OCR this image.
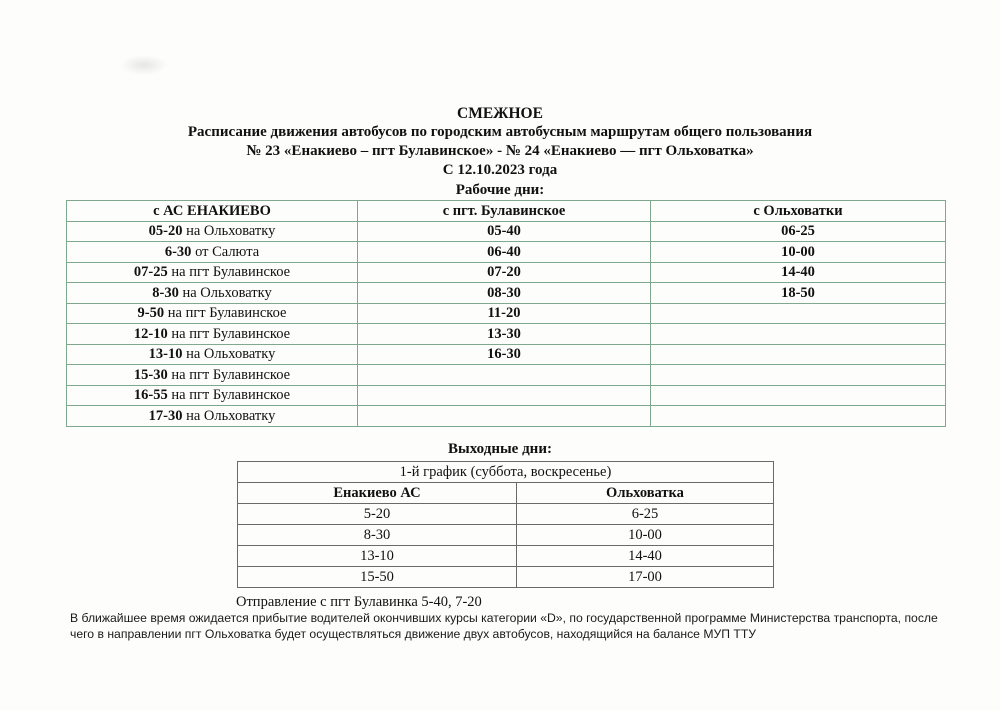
СМЕЖНОЕ
Расписание движения автобусов по городским автобусным маршрутам общего пользования
№ 23 «Енакиево – пгт Булавинское» - № 24 «Енакиево — пгт Ольховатка»
С 12.10.2023 года
Рабочие дни:
с АС ЕНАКИЕВО	с пгт. Булавинское	с Ольховатки
05-20 на Ольховатку	05-40	06-25
6-30 от Салюта	06-40	10-00
07-25 на пгт Булавинское	07-20	14-40
8-30 на Ольховатку	08-30	18-50
9-50 на пгт Булавинское	11-20	
12-10 на пгт Булавинское	13-30	
13-10 на Ольховатку	16-30	
15-30 на пгт Булавинское		
16-55 на пгт Булавинское		
17-30 на Ольховатку		
Выходные дни:
1-й график (суббота, воскресенье)	
Енакиево АС	Ольховатка
5-20	6-25
8-30	10-00
13-10	14-40
15-50	17-00
Отправление с пгт Булавинка 5-40, 7-20
В ближайшее время ожидается прибытие водителей окончивших курсы категории «D», по государственной программе Министерства транспорта, после чего в направлении пгт Ольховатка будет осуществляться движение двух автобусов, находящийся на балансе МУП ТТУ
